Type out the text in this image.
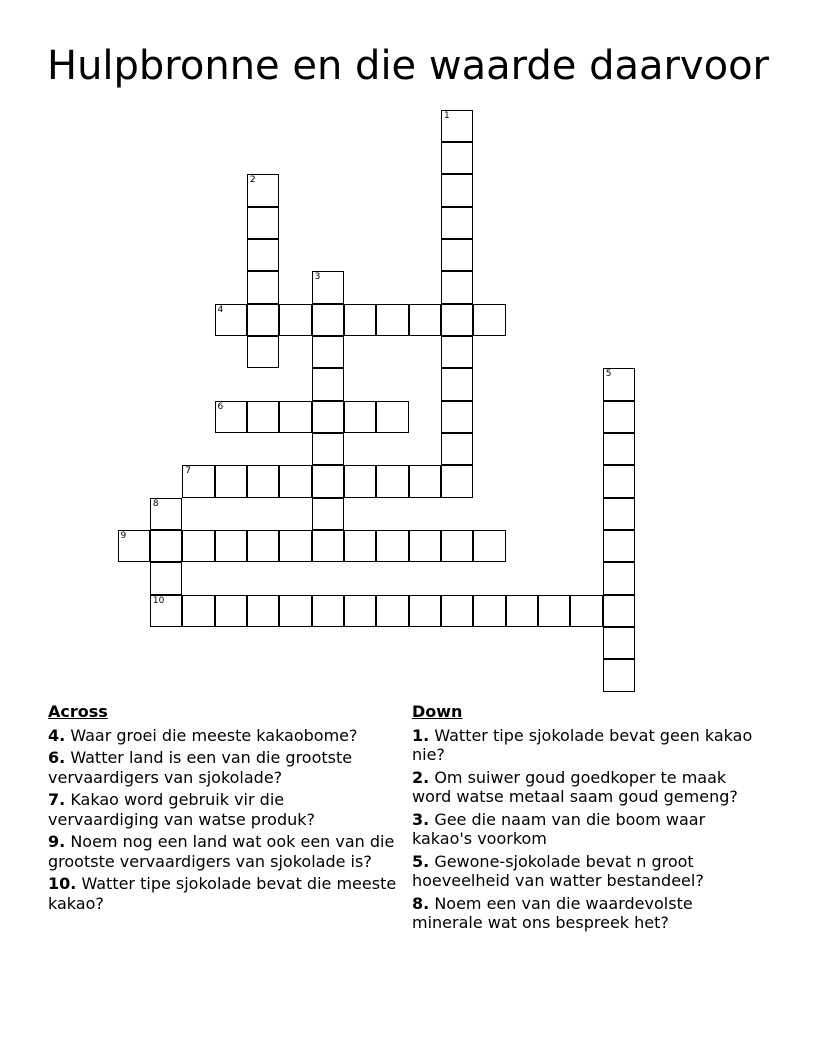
Hulpbronne en die waarde daarvoor
1
2
3
4
5
6
7
8
10
9
Across
4. Waar groei die meeste kakaobome?
6. Watter land is een van die grootste vervaardigers van sjokolade?
7. Kakao word gebruik vir die vervaardiging van watse produk?
9. Noem nog een land wat ook een van die grootste vervaardigers van sjokolade is?
10. Watter tipe sjokolade bevat die meeste kakao?
Down
1. Watter tipe sjokolade bevat geen kakao nie?
2. Om suiwer goud goedkoper te maak word watse metaal saam goud gemeng?
3. Gee die naam van die boom waar kakao's voorkom
5. Gewone-sjokolade bevat n groot hoeveelheid van watter bestandeel?
8. Noem een van die waardevolste minerale wat ons bespreek het?
